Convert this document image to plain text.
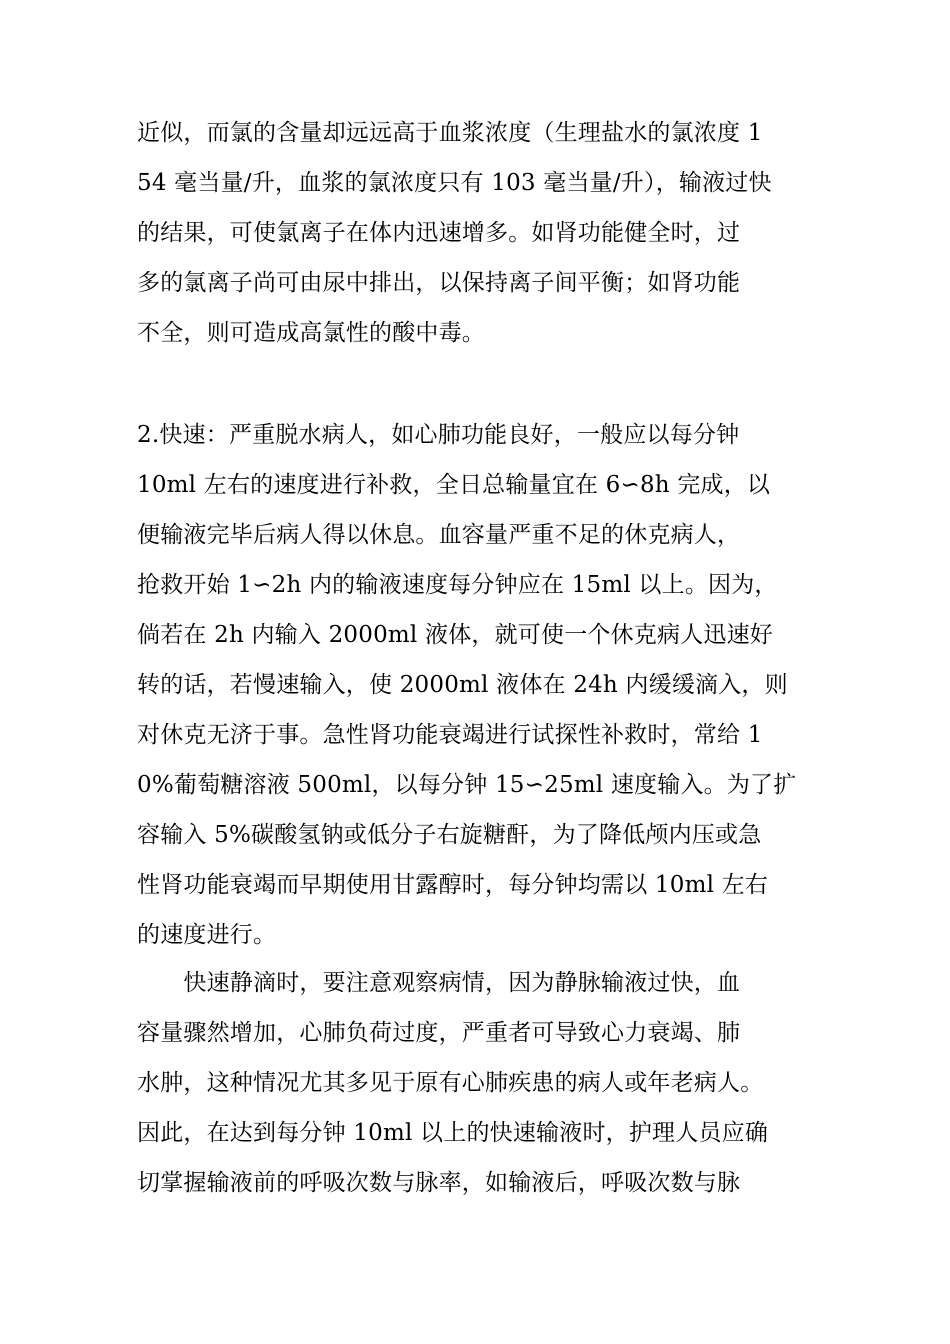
近似，而氯的含量却远远高于血浆浓度（生理盐水的氯浓度 1
54 毫当量/升，血浆的氯浓度只有 103 毫当量/升），输液过快
的结果，可使氯离子在体内迅速增多。如肾功能健全时，过
多的氯离子尚可由尿中排出，以保持离子间平衡；如肾功能
不全，则可造成高氯性的酸中毒。
2.快速：严重脱水病人，如心肺功能良好，一般应以每分钟
10ml 左右的速度进行补救，全日总输量宜在 6∽8h 完成，以
便输液完毕后病人得以休息。血容量严重不足的休克病人，
抢救开始 1∽2h 内的输液速度每分钟应在 15ml 以上。因为，
倘若在 2h 内输入 2000ml 液体，就可使一个休克病人迅速好
转的话，若慢速输入，使 2000ml 液体在 24h 内缓缓滴入，则
对休克无济于事。急性肾功能衰竭进行试探性补救时，常给 1
0%葡萄糖溶液 500ml，以每分钟 15∽25ml 速度输入。为了扩
容输入 5%碳酸氢钠或低分子右旋糖酐，为了降低颅内压或急
性肾功能衰竭而早期使用甘露醇时，每分钟均需以 10ml 左右
的速度进行。
　　快速静滴时，要注意观察病情，因为静脉输液过快，血
容量骤然增加，心肺负荷过度，严重者可导致心力衰竭、肺
水肿，这种情况尤其多见于原有心肺疾患的病人或年老病人。
因此，在达到每分钟 10ml 以上的快速输液时，护理人员应确
切掌握输液前的呼吸次数与脉率，如输液后，呼吸次数与脉
